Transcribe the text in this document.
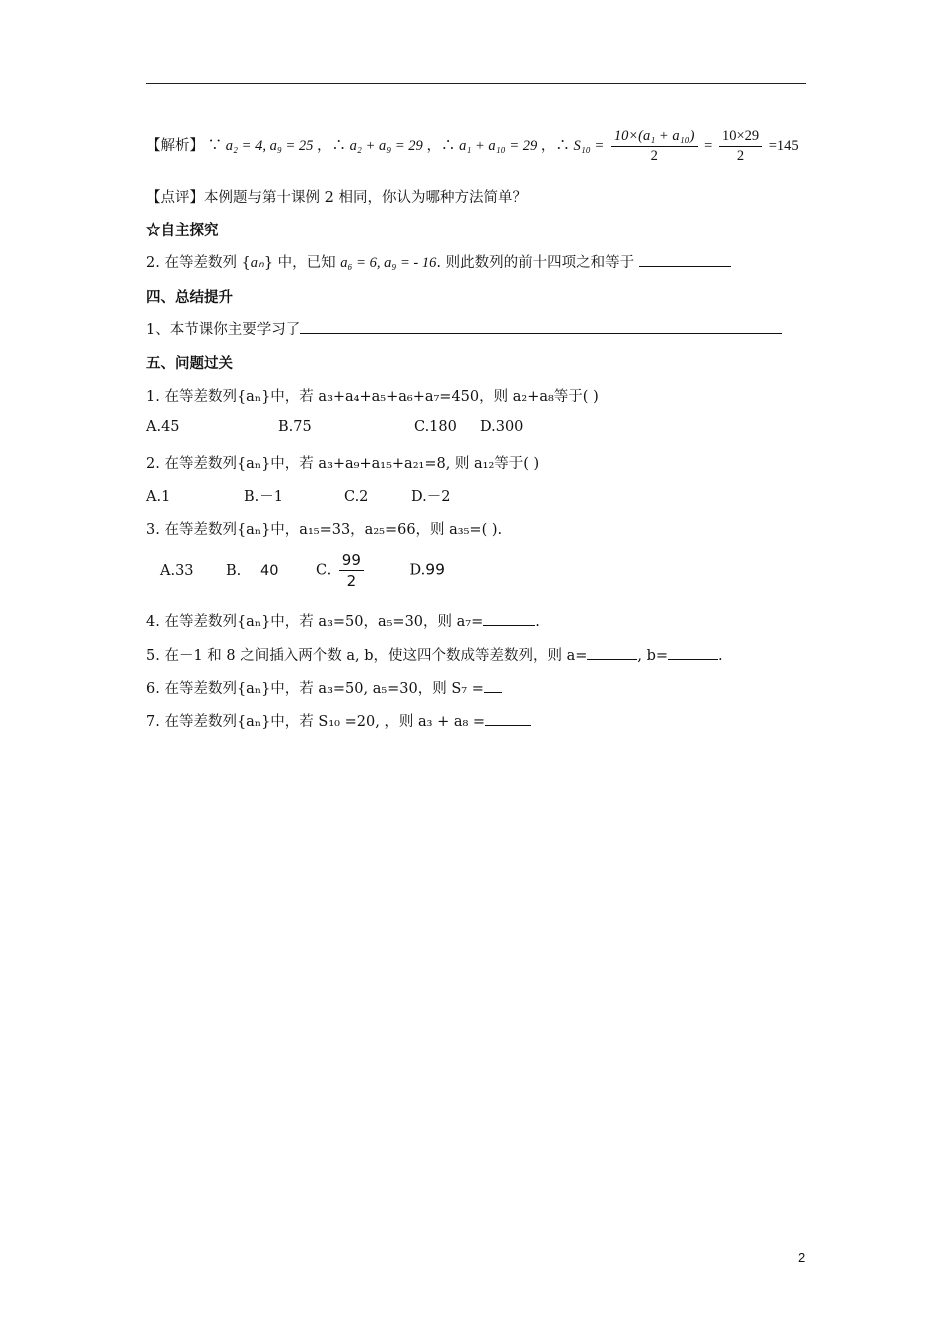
【解析】 ∵ a₂ = 4, a₉ = 25 ，∴ a₂ + a₉ = 29 ，∴ a₁ + a₁₀ = 29 ，∴ $S_{10} = \frac{\text{10×(a₁ + a₁₀)}}{2} = \frac{10\times 29}{2} =145$
【点评】本例题与第十课例 2 相同，你认为哪种方法简单？
☆自主探究
2. 在等差数列 {aₙ} 中，已知 a₆ = 6, a₉ = - 16. 则此数列的前十四项之和等于
四、总结提升
1、本节课你主要学习了
五、问题过关
1. 在等差数列{aₙ}中，若 a₃+a₄+a₅+a₆+a₇=450，则 a₂+a₈等于( )
A.45	B.75	C.180 D.300
2. 在等差数列{aₙ}中，若 a₃+a₉+a₁₅+a₂₁=8, 则 a₁₂等于( )
A.1	B.－1	C.2	D.－2
3. 在等差数列{aₙ}中，a₁₅=33，a₂₅=66，则 a₃₅=( ).
A.33 B. 40	C. $\frac{99}{2}$	D.99
4. 在等差数列{aₙ}中，若 a₃=50，a₅=30，则 a₇=	.
5. 在－1 和 8 之间插入两个数 a, b，使这四个数成等差数列，则 a=	, b=	.
6. 在等差数列{aₙ}中，若 a₃=50, a₅=30，则 S₇ =
7. 在等差数列{aₙ}中，若 S₁₀ =20, ，则 a₃ + a₈ =
2
